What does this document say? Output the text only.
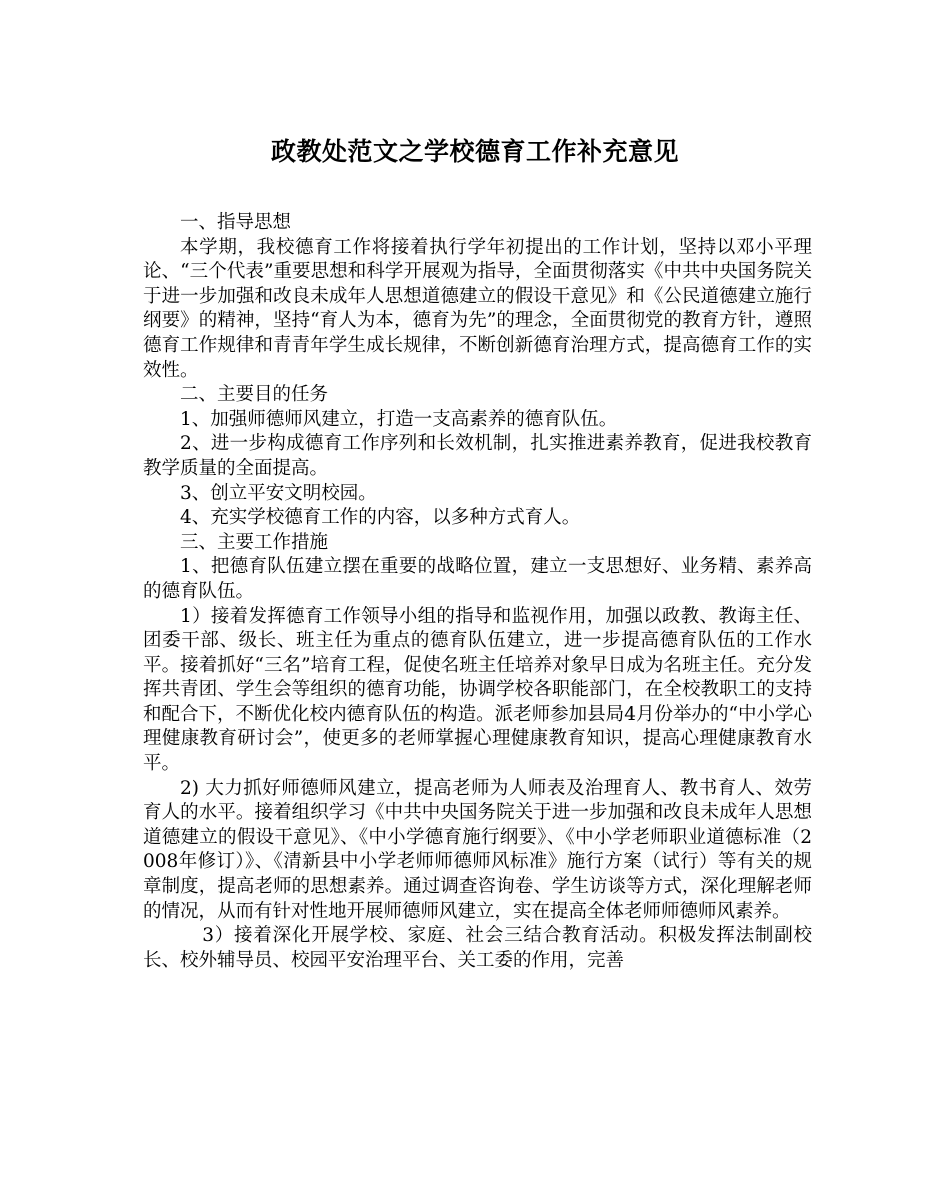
政教处范文之学校德育工作补充意见

一、指导思想

本学期，我校德育工作将接着执行学年初提出的工作计划，坚持以邓小平理论、“三个代表”重要思想和科学开展观为指导，全面贯彻落实《中共中央国务院关于进一步加强和改良未成年人思想道德建立的假设干意见》和《公民道德建立施行纲要》的精神，坚持“育人为本，德育为先”的理念，全面贯彻党的教育方针，遵照德育工作规律和青青年学生成长规律，不断创新德育治理方式，提高德育工作的实效性。

二、主要目的任务

1、加强师德师风建立，打造一支高素养的德育队伍。

2、进一步构成德育工作序列和长效机制，扎实推进素养教育，促进我校教育教学质量的全面提高。

3、创立平安文明校园。

4、充实学校德育工作的内容，以多种方式育人。

三、主要工作措施

1、把德育队伍建立摆在重要的战略位置，建立一支思想好、业务精、素养高的德育队伍。

1）接着发挥德育工作领导小组的指导和监视作用，加强以政教、教诲主任、团委干部、级长、班主任为重点的德育队伍建立，进一步提高德育队伍的工作水平。接着抓好“三名”培育工程，促使名班主任培养对象早日成为名班主任。充分发挥共青团、学生会等组织的德育功能，协调学校各职能部门，在全校教职工的支持和配合下，不断优化校内德育队伍的构造。派老师参加县局4月份举办的“中小学心理健康教育研讨会”，使更多的老师掌握心理健康教育知识，提高心理健康教育水平。

2) 大力抓好师德师风建立，提高老师为人师表及治理育人、教书育人、效劳育人的水平。接着组织学习《中共中央国务院关于进一步加强和改良未成年人思想道德建立的假设干意见》、《中小学德育施行纲要》、《中小学老师职业道德标准（2008年修订）》、《清新县中小学老师师德师风标准》施行方案（试行）等有关的规章制度，提高老师的思想素养。通过调查咨询卷、学生访谈等方式，深化理解老师的情况，从而有针对性地开展师德师风建立，实在提高全体老师师德师风素养。

3）接着深化开展学校、家庭、社会三结合教育活动。积极发挥法制副校长、校外辅导员、校园平安治理平台、关工委的作用，完善
